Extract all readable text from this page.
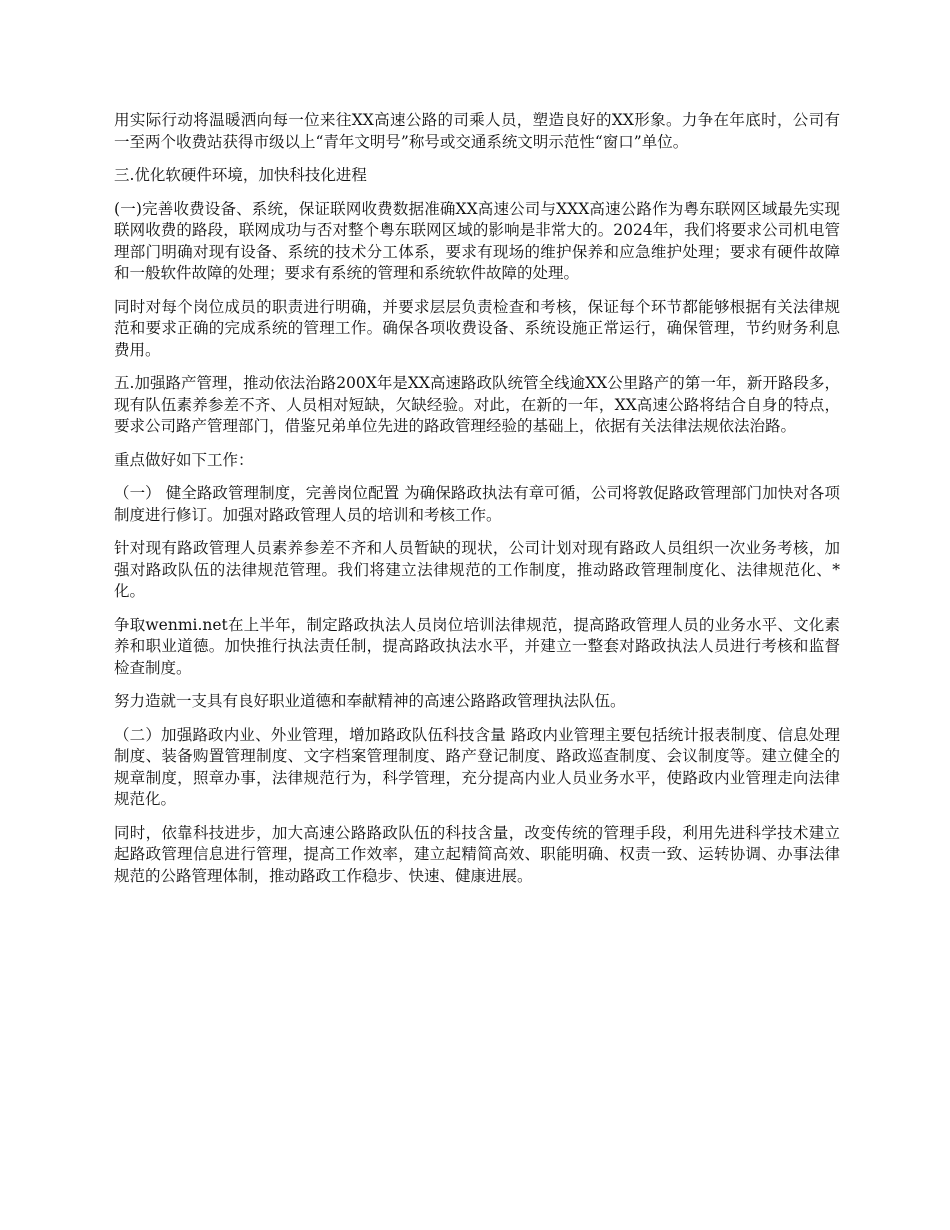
用实际行动将温暖洒向每一位来往XX高速公路的司乘人员，塑造良好的XX形象。力争在年底时，公司有一至两个收费站获得市级以上“青年文明号”称号或交通系统文明示范性“窗口”单位。

三.优化软硬件环境，加快科技化进程

(一)完善收费设备、系统，保证联网收费数据准确XX高速公司与XXX高速公路作为粤东联网区域最先实现联网收费的路段，联网成功与否对整个粤东联网区域的影响是非常大的。2024年，我们将要求公司机电管理部门明确对现有设备、系统的技术分工体系，要求有现场的维护保养和应急维护处理；要求有硬件故障和一般软件故障的处理；要求有系统的管理和系统软件故障的处理。

同时对每个岗位成员的职责进行明确，并要求层层负责检查和考核，保证每个环节都能够根据有关法律规范和要求正确的完成系统的管理工作。确保各项收费设备、系统设施正常运行，确保管理，节约财务利息费用。

五.加强路产管理，推动依法治路200X年是XX高速路政队统管全线逾XX公里路产的第一年，新开路段多，现有队伍素养参差不齐、人员相对短缺，欠缺经验。对此，在新的一年，XX高速公路将结合自身的特点，要求公司路产管理部门，借鉴兄弟单位先进的路政管理经验的基础上，依据有关法律法规依法治路。

重点做好如下工作：

（一） 健全路政管理制度，完善岗位配置 为确保路政执法有章可循，公司将敦促路政管理部门加快对各项制度进行修订。加强对路政管理人员的培训和考核工作。

针对现有路政管理人员素养参差不齐和人员暂缺的现状，公司计划对现有路政人员组织一次业务考核，加强对路政队伍的法律规范管理。我们将建立法律规范的工作制度，推动路政管理制度化、法律规范化、*化。

争取wenmi.net在上半年，制定路政执法人员岗位培训法律规范，提高路政管理人员的业务水平、文化素养和职业道德。加快推行执法责任制，提高路政执法水平，并建立一整套对路政执法人员进行考核和监督检查制度。

努力造就一支具有良好职业道德和奉献精神的高速公路路政管理执法队伍。

（二）加强路政内业、外业管理，增加路政队伍科技含量 路政内业管理主要包括统计报表制度、信息处理制度、装备购置管理制度、文字档案管理制度、路产登记制度、路政巡查制度、会议制度等。建立健全的规章制度，照章办事，法律规范行为，科学管理，充分提高内业人员业务水平，使路政内业管理走向法律规范化。

同时，依靠科技进步，加大高速公路路政队伍的科技含量，改变传统的管理手段，利用先进科学技术建立起路政管理信息进行管理，提高工作效率，建立起精简高效、职能明确、权责一致、运转协调、办事法律规范的公路管理体制，推动路政工作稳步、快速、健康进展。
